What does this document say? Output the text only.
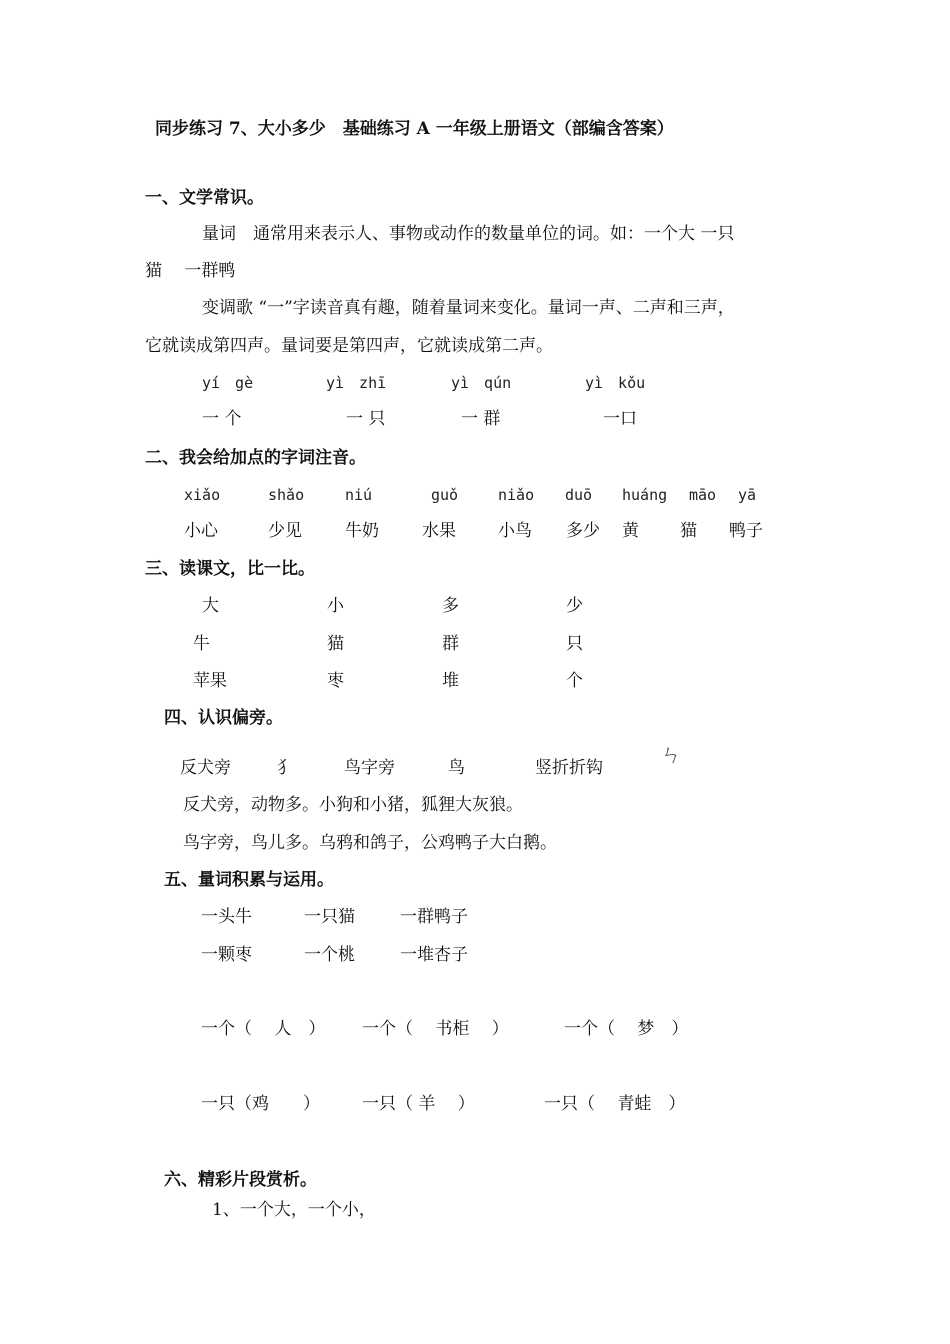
同步练习 7、大小多少　基础练习 A 一年级上册语文（部编含答案）
一、文学常识。
量词　通常用来表示人、事物或动作的数量单位的词。如：一个大 一只
猫　 一群鸭
变调歌 “一”字读音真有趣，随着量词来变化。量词一声、二声和三声，
它就读成第四声。量词要是第四声，它就读成第二声。
yí　gè	yì　zhī	yì　qún	yì　kǒu
一 个	一 只	一 群	一口
二、我会给加点的字词注音。
xiǎo	shǎo	niú	guǒ	niǎo duō huáng māo yā
小心	少见	牛奶	水果 小鸟 多少 黄 猫 鸭子
三、读课文，比一比。
大	小	多	少
牛	猫	群	只
苹果	枣	堆	个
四、认识偏旁。
反犬旁	犭	鸟字旁	鸟	竖折折钩	ㄣ
反犬旁，动物多。小狗和小猪，狐狸大灰狼。
鸟字旁，鸟儿多。乌鸦和鸽子，公鸡鸭子大白鹅。
五、量词积累与运用。
一头牛	一只猫	一群鸭子
一颗枣	一个桃	一堆杏子
一个（　 人　） 一个（　 书柜　 ）	一个（　 梦　）
一只（鸡　　） 一只（ 羊　 ）	一只（　 青蛙　）
六、精彩片段赏析。
1、一个大，一个小，
